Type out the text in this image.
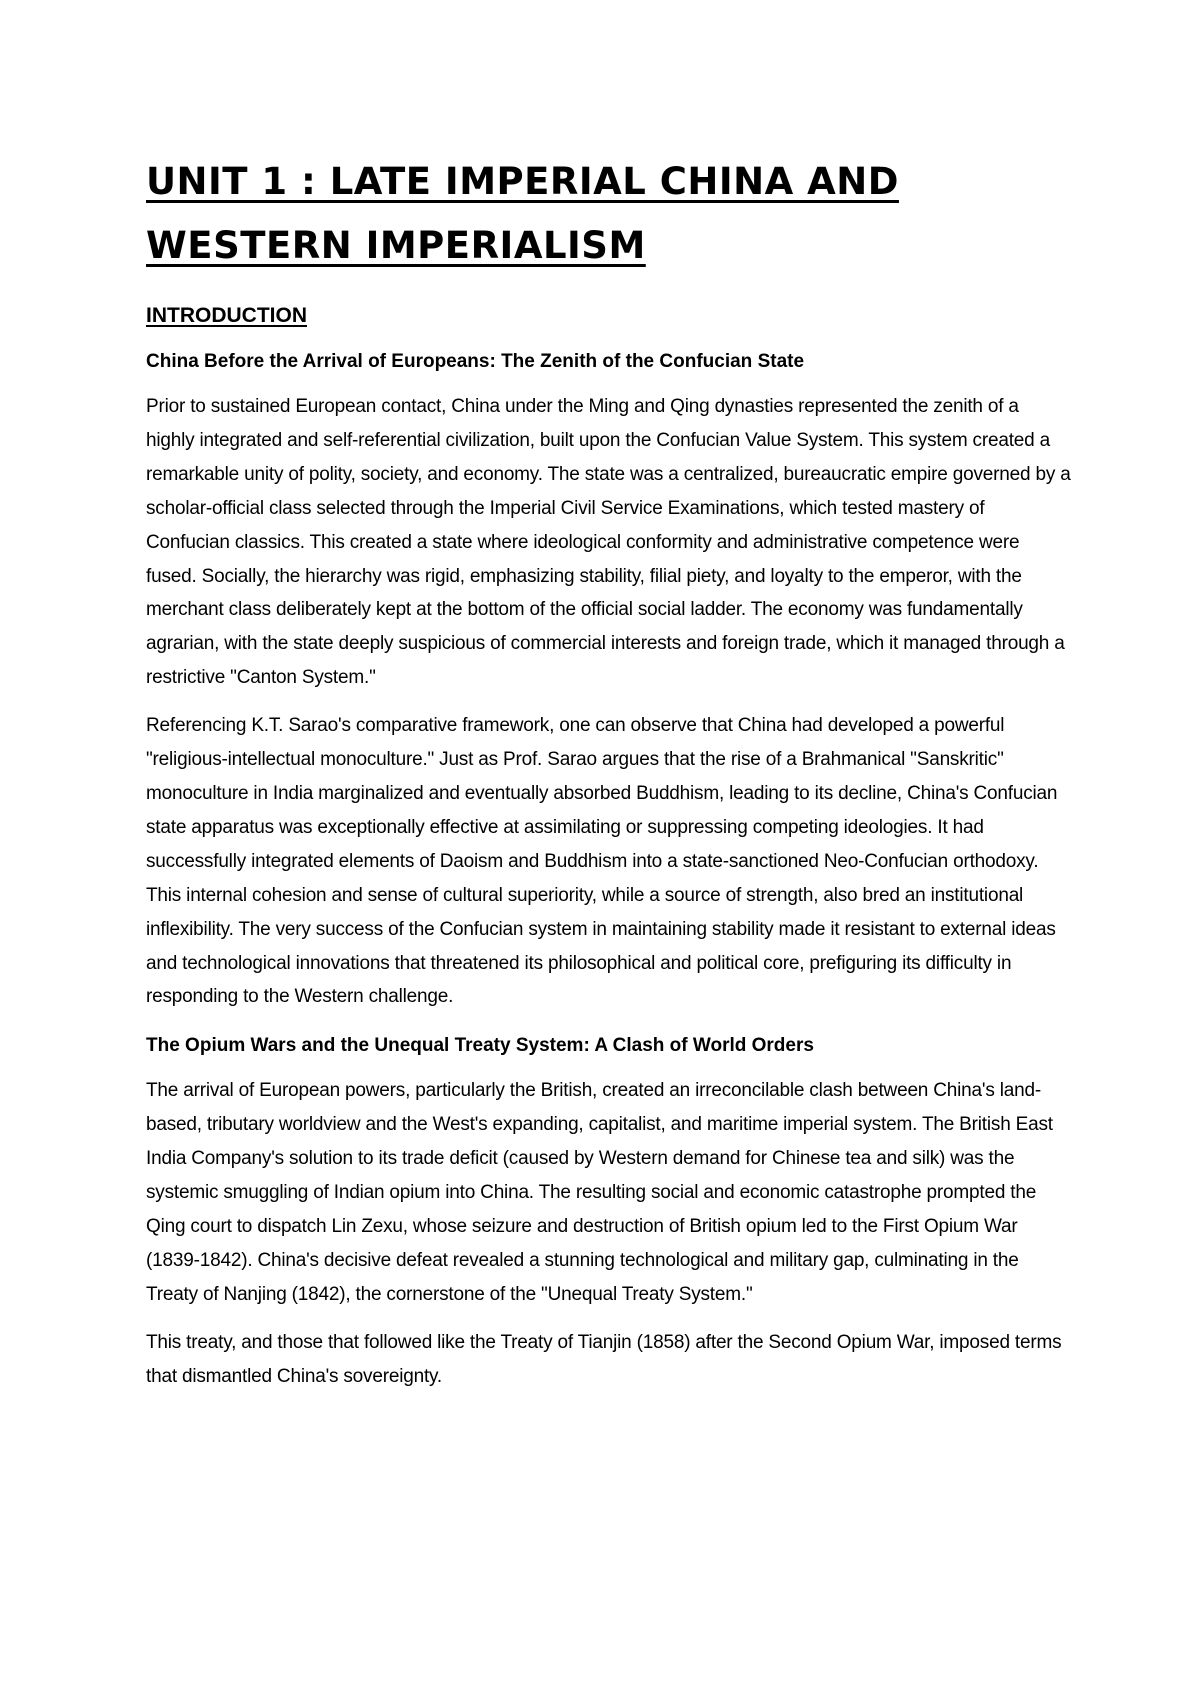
UNIT 1 : LATE IMPERIAL CHINA AND WESTERN IMPERIALISM
INTRODUCTION
China Before the Arrival of Europeans: The Zenith of the Confucian State

Prior to sustained European contact, China under the Ming and Qing dynasties represented the zenith of a highly integrated and self-referential civilization, built upon the Confucian Value System. This system created a remarkable unity of polity, society, and economy. The state was a centralized, bureaucratic empire governed by a scholar-official class selected through the Imperial Civil Service Examinations, which tested mastery of Confucian classics. This created a state where ideological conformity and administrative competence were fused. Socially, the hierarchy was rigid, emphasizing stability, filial piety, and loyalty to the emperor, with the merchant class deliberately kept at the bottom of the official social ladder. The economy was fundamentally agrarian, with the state deeply suspicious of commercial interests and foreign trade, which it managed through a restrictive "Canton System."

Referencing K.T. Sarao's comparative framework, one can observe that China had developed a powerful "religious-intellectual monoculture." Just as Prof. Sarao argues that the rise of a Brahmanical "Sanskritic" monoculture in India marginalized and eventually absorbed Buddhism, leading to its decline, China's Confucian state apparatus was exceptionally effective at assimilating or suppressing competing ideologies. It had successfully integrated elements of Daoism and Buddhism into a state-sanctioned Neo-Confucian orthodoxy. This internal cohesion and sense of cultural superiority, while a source of strength, also bred an institutional inflexibility. The very success of the Confucian system in maintaining stability made it resistant to external ideas and technological innovations that threatened its philosophical and political core, prefiguring its difficulty in responding to the Western challenge.

The Opium Wars and the Unequal Treaty System: A Clash of World Orders

The arrival of European powers, particularly the British, created an irreconcilable clash between China's land-based, tributary worldview and the West's expanding, capitalist, and maritime imperial system. The British East India Company's solution to its trade deficit (caused by Western demand for Chinese tea and silk) was the systemic smuggling of Indian opium into China. The resulting social and economic catastrophe prompted the Qing court to dispatch Lin Zexu, whose seizure and destruction of British opium led to the First Opium War (1839-1842). China's decisive defeat revealed a stunning technological and military gap, culminating in the Treaty of Nanjing (1842), the cornerstone of the "Unequal Treaty System."

This treaty, and those that followed like the Treaty of Tianjin (1858) after the Second Opium War, imposed terms that dismantled China's sovereignty.
